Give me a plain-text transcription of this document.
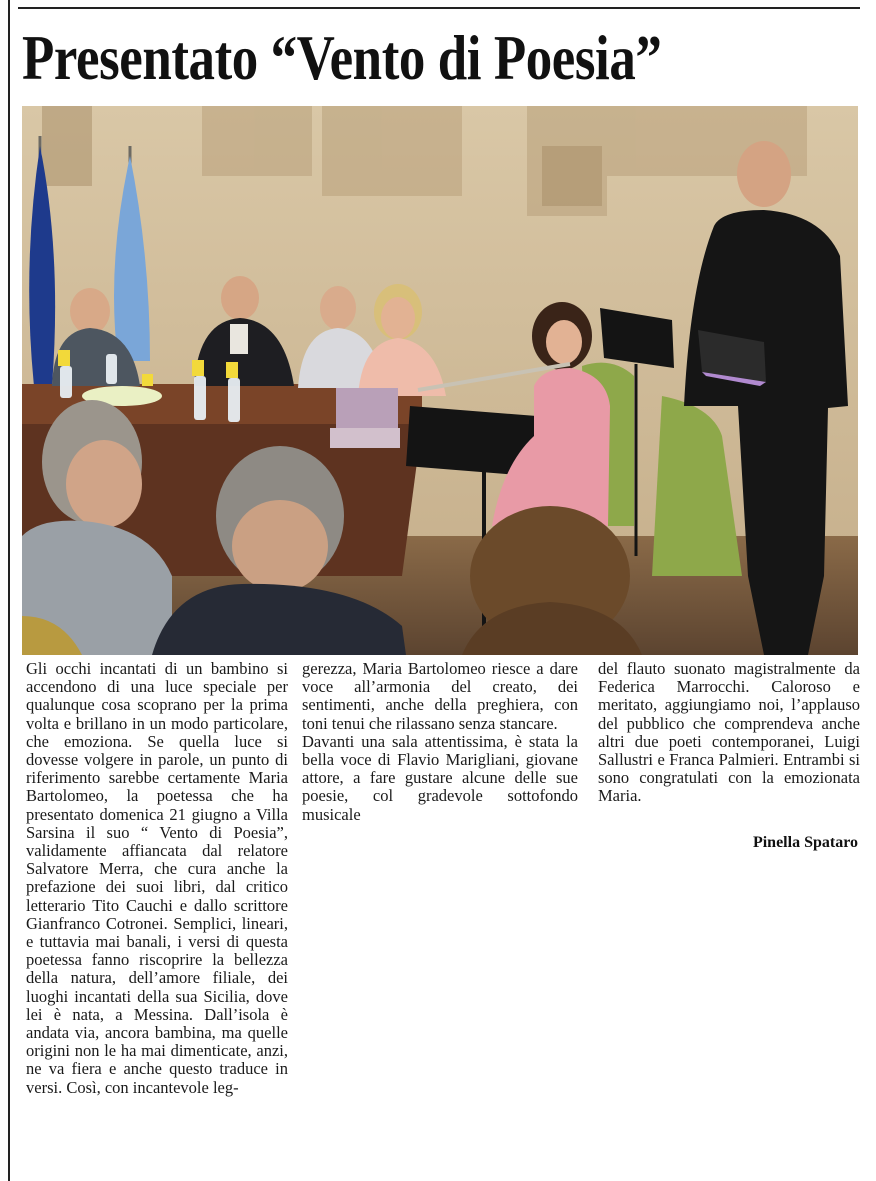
Presentato “Vento di Poesia”

Gli occhi incantati di un bambino si accendono di una luce speciale per qualunque cosa scoprano per la prima volta e brillano in un modo particolare, che emoziona. Se quella luce si dovesse volgere in parole, un punto di riferimento sarebbe certamente Maria Bartolomeo, la poetessa che ha presentato domenica 21 giugno a Villa Sarsina il suo “ Vento di Poesia”, validamente affiancata dal relatore Salvatore Merra, che cura anche la prefazione dei suoi libri, dal critico letterario Tito Cauchi e dallo scrittore Gianfranco Cotronei. Semplici, lineari, e tuttavia mai banali, i versi di questa poetessa fanno riscoprire la bellezza della natura, dell’amore filiale, dei luoghi incantati della sua Sicilia, dove lei è nata, a Messina. Dall’isola è andata via, ancora bambina, ma quelle origini non le ha mai dimenticate, anzi, ne va fiera e anche questo traduce in versi. Così, con incantevole leg-

gerezza, Maria Bartolomeo riesce a dare voce all’armonia del creato, dei sentimenti, anche della preghiera, con toni tenui che rilassano senza stancare.

Davanti una sala attentissima, è stata la bella voce di Flavio Marigliani, giovane attore, a fare gustare alcune delle sue poesie, col gradevole sottofondo musicale

del flauto suonato magistralmente da Federica Marrocchi. Caloroso e meritato, aggiungiamo noi, l’applauso del pubblico che comprendeva anche altri due poeti contemporanei, Luigi Sallustri e Franca Palmieri. Entrambi si sono congratulati con la emozionata Maria.

Pinella Spataro
